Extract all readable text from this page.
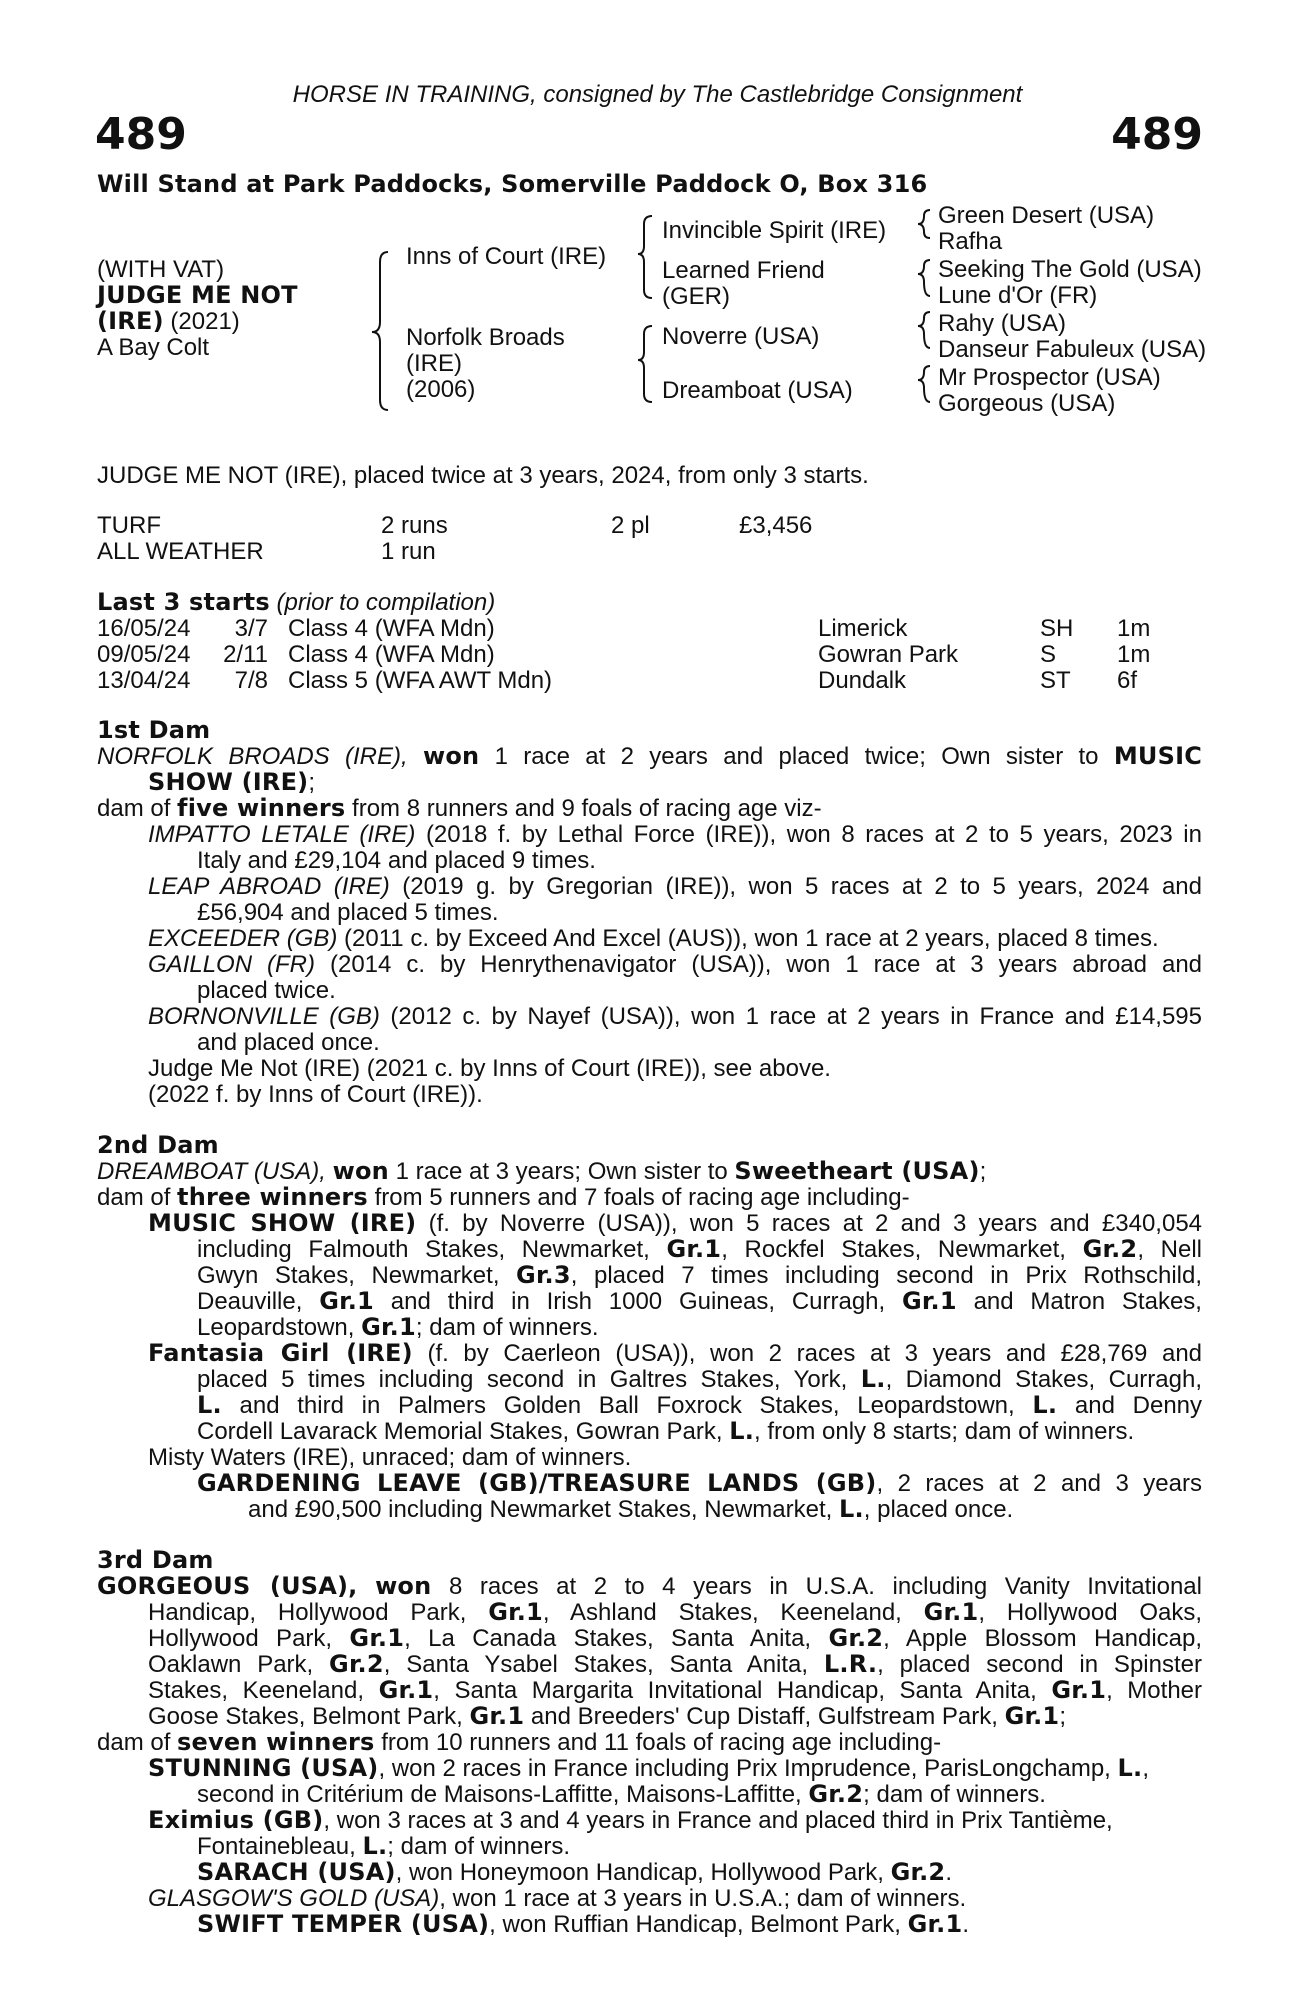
HORSE IN TRAINING, consigned by The Castlebridge Consignment
489	489
Will Stand at Park Paddocks, Somerville Paddock O, Box 316
(WITH VAT)
JUDGE ME NOT
(IRE) (2021)
A Bay Colt
Inns of Court (IRE)
Norfolk Broads
(IRE)
(2006)
Invincible Spirit (IRE)
Learned Friend
(GER)
Noverre (USA)
Dreamboat (USA)
Green Desert (USA)
Rafha
Seeking The Gold (USA)
Lune d'Or (FR)
Rahy (USA)
Danseur Fabuleux (USA)
Mr Prospector (USA)
Gorgeous (USA)
JUDGE ME NOT (IRE), placed twice at 3 years, 2024, from only 3 starts.
TURF	2 runs	2 pl	£3,456
ALL WEATHER	1 run
Last 3 starts (prior to compilation)
16/05/24	3/7 Class 4 (WFA Mdn)	Limerick	SH 1m
09/05/24	2/11 Class 4 (WFA Mdn)	Gowran Park	S	1m
13/04/24	7/8 Class 5 (WFA AWT Mdn)	Dundalk	ST 6f
1st Dam
NORFOLK BROADS (IRE), won 1 race at 2 years and placed twice; Own sister to MUSIC
SHOW (IRE);
dam of five winners from 8 runners and 9 foals of racing age viz-
IMPATTO LETALE (IRE) (2018 f. by Lethal Force (IRE)), won 8 races at 2 to 5 years, 2023 in
Italy and £29,104 and placed 9 times.
LEAP ABROAD (IRE) (2019 g. by Gregorian (IRE)), won 5 races at 2 to 5 years, 2024 and
£56,904 and placed 5 times.
EXCEEDER (GB) (2011 c. by Exceed And Excel (AUS)), won 1 race at 2 years, placed 8 times.
GAILLON (FR) (2014 c. by Henrythenavigator (USA)), won 1 race at 3 years abroad and
placed twice.
BORNONVILLE (GB) (2012 c. by Nayef (USA)), won 1 race at 2 years in France and £14,595
and placed once.
Judge Me Not (IRE) (2021 c. by Inns of Court (IRE)), see above.
(2022 f. by Inns of Court (IRE)).
2nd Dam
DREAMBOAT (USA), won 1 race at 3 years; Own sister to Sweetheart (USA);
dam of three winners from 5 runners and 7 foals of racing age including-
MUSIC SHOW (IRE) (f. by Noverre (USA)), won 5 races at 2 and 3 years and £340,054
including Falmouth Stakes, Newmarket, Gr.1, Rockfel Stakes, Newmarket, Gr.2, Nell
Gwyn Stakes, Newmarket, Gr.3, placed 7 times including second in Prix Rothschild,
Deauville, Gr.1 and third in Irish 1000 Guineas, Curragh, Gr.1 and Matron Stakes,
Leopardstown, Gr.1; dam of winners.
Fantasia Girl (IRE) (f. by Caerleon (USA)), won 2 races at 3 years and £28,769 and
placed 5 times including second in Galtres Stakes, York, L., Diamond Stakes, Curragh,
L. and third in Palmers Golden Ball Foxrock Stakes, Leopardstown, L. and Denny
Cordell Lavarack Memorial Stakes, Gowran Park, L., from only 8 starts; dam of winners.
Misty Waters (IRE), unraced; dam of winners.
GARDENING LEAVE (GB)/TREASURE LANDS (GB), 2 races at 2 and 3 years
and £90,500 including Newmarket Stakes, Newmarket, L., placed once.
3rd Dam
GORGEOUS (USA), won 8 races at 2 to 4 years in U.S.A. including Vanity Invitational
Handicap, Hollywood Park, Gr.1, Ashland Stakes, Keeneland, Gr.1, Hollywood Oaks,
Hollywood Park, Gr.1, La Canada Stakes, Santa Anita, Gr.2, Apple Blossom Handicap,
Oaklawn Park, Gr.2, Santa Ysabel Stakes, Santa Anita, L.R., placed second in Spinster
Stakes, Keeneland, Gr.1, Santa Margarita Invitational Handicap, Santa Anita, Gr.1, Mother
Goose Stakes, Belmont Park, Gr.1 and Breeders' Cup Distaff, Gulfstream Park, Gr.1;
dam of seven winners from 10 runners and 11 foals of racing age including-
STUNNING (USA), won 2 races in France including Prix Imprudence, ParisLongchamp, L.,
second in Critérium de Maisons-Laffitte, Maisons-Laffitte, Gr.2; dam of winners.
Eximius (GB), won 3 races at 3 and 4 years in France and placed third in Prix Tantième,
Fontainebleau, L.; dam of winners.
SARACH (USA), won Honeymoon Handicap, Hollywood Park, Gr.2.
GLASGOW'S GOLD (USA), won 1 race at 3 years in U.S.A.; dam of winners.
SWIFT TEMPER (USA), won Ruffian Handicap, Belmont Park, Gr.1.
